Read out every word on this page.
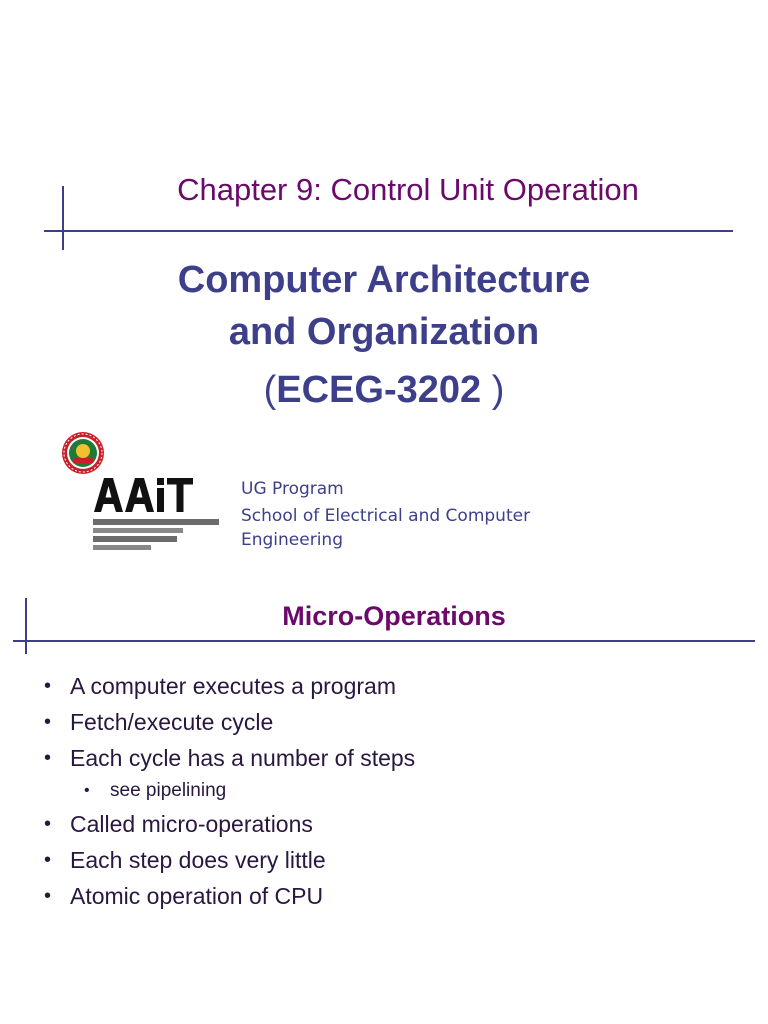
Chapter 9: Control Unit Operation
Computer Architecture
and Organization
(ECEG-3202 )
UG Program
School of Electrical and Computer
Engineering
Micro-Operations
• A computer executes a program
• Fetch/execute cycle
• Each cycle has a number of steps
• see pipelining
• Called micro-operations
• Each step does very little
• Atomic operation of CPU
